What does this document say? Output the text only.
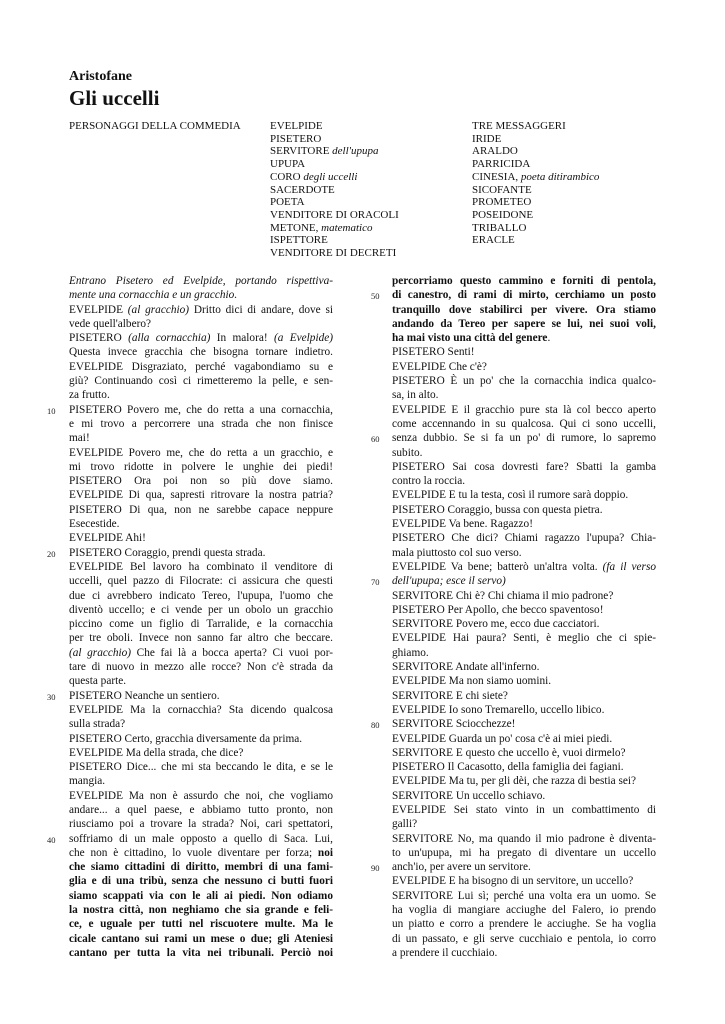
Aristofane
Gli uccelli
PERSONAGGI DELLA COMMEDIA	EVELPIDE
PISETERO
SERVITORE dell'upupa
UPUPA
CORO degli uccelli
SACERDOTE
POETA
VENDITORE DI ORACOLI
METONE, matematico
ISPETTORE
VENDITORE DI DECRETI
TRE MESSAGGERI
IRIDE
ARALDO
PARRICIDA
CINESIA, poeta ditirambico
SICOFANTE
PROMETEO
POSEIDONE
TRIBALLO
ERACLE
Entrano Pisetero ed Evelpide, portando rispettiva-
mente una cornacchia e un gracchio.
EVELPIDE (al gracchio) Dritto dici di andare, dove si
vede quell'albero?
PISETERO (alla cornacchia) In malora! (a Evelpide)
Questa invece gracchia che bisogna tornare indietro.
EVELPIDE Disgraziato, perché vagabondiamo su e
giù? Continuando così ci rimetteremo la pelle, e sen-
za frutto.
PISETERO Povero me, che do retta a una cornacchia,
e mi trovo a percorrere una strada che non finisce
mai!
EVELPIDE Povero me, che do retta a un gracchio, e
mi trovo ridotte in polvere le unghie dei piedi!
PISETERO Ora poi non so più dove siamo.
EVELPIDE Di qua, sapresti ritrovare la nostra patria?
PISETERO Di qua, non ne sarebbe capace neppure
Esecestide.
EVELPIDE Ahi!
PISETERO Coraggio, prendi questa strada.
EVELPIDE Bel lavoro ha combinato il venditore di
uccelli, quel pazzo di Filocrate: ci assicura che questi
due ci avrebbero indicato Tereo, l'upupa, l'uomo che
diventò uccello; e ci vende per un obolo un gracchio
piccino come un figlio di Tarralide, e la cornacchia
per tre oboli. Invece non sanno far altro che beccare.
(al gracchio) Che fai là a bocca aperta? Ci vuoi por-
tare di nuovo in mezzo alle rocce? Non c'è strada da
questa parte.
PISETERO Neanche un sentiero.
EVELPIDE Ma la cornacchia? Sta dicendo qualcosa
sulla strada?
PISETERO Certo, gracchia diversamente da prima.
EVELPIDE Ma della strada, che dice?
PISETERO Dice... che mi sta beccando le dita, e se le
mangia.
EVELPIDE Ma non è assurdo che noi, che vogliamo
andare... a quel paese, e abbiamo tutto pronto, non
riusciamo poi a trovare la strada? Noi, cari spettatori,
soffriamo di un male opposto a quello di Saca. Lui,
che non è cittadino, lo vuole diventare per forza; noi
che siamo cittadini di diritto, membri di una fami-
glia e di una tribù, senza che nessuno ci butti fuori
siamo scappati via con le ali ai piedi. Non odiamo
la nostra città, non neghiamo che sia grande e feli-
ce, e uguale per tutti nel riscuotere multe. Ma le
cicale cantano sui rami un mese o due; gli Ateniesi
cantano per tutta la vita nei tribunali. Perciò noi
percorriamo questo cammino e forniti di pentola,
di canestro, di rami di mirto, cerchiamo un posto
tranquillo dove stabilirci per vivere. Ora stiamo
andando da Tereo per sapere se lui, nei suoi voli,
ha mai visto una città del genere.
PISETERO Senti!
EVELPIDE Che c'è?
PISETERO È un po' che la cornacchia indica qualco-
sa, in alto.
EVELPIDE E il gracchio pure sta là col becco aperto
come accennando in su qualcosa. Qui ci sono uccelli,
senza dubbio. Se si fa un po' di rumore, lo sapremo
subito.
PISETERO Sai cosa dovresti fare? Sbatti la gamba
contro la roccia.
EVELPIDE E tu la testa, così il rumore sarà doppio.
PISETERO Coraggio, bussa con questa pietra.
EVELPIDE Va bene. Ragazzo!
PISETERO Che dici? Chiami ragazzo l'upupa? Chia-
mala piuttosto col suo verso.
EVELPIDE Va bene; batterò un'altra volta. (fa il verso
dell'upupa; esce il servo)
SERVITORE Chi è? Chi chiama il mio padrone?
PISETERO Per Apollo, che becco spaventoso!
SERVITORE Povero me, ecco due cacciatori.
EVELPIDE Hai paura? Senti, è meglio che ci spie-
ghiamo.
SERVITORE Andate all'inferno.
EVELPIDE Ma non siamo uomini.
SERVITORE E chi siete?
EVELPIDE Io sono Tremarello, uccello libico.
SERVITORE Sciocchezze!
EVELPIDE Guarda un po' cosa c'è ai miei piedi.
SERVITORE E questo che uccello è, vuoi dirmelo?
PISETERO Il Cacasotto, della famiglia dei fagiani.
EVELPIDE Ma tu, per gli dèi, che razza di bestia sei?
SERVITORE Un uccello schiavo.
EVELPIDE Sei stato vinto in un combattimento di
galli?
SERVITORE No, ma quando il mio padrone è diventa-
to un'upupa, mi ha pregato di diventare un uccello
anch'io, per avere un servitore.
EVELPIDE E ha bisogno di un servitore, un uccello?
SERVITORE Lui sì; perché una volta era un uomo. Se
ha voglia di mangiare acciughe del Falero, io prendo
un piatto e corro a prendere le acciughe. Se ha voglia
di un passato, e gli serve cucchiaio e pentola, io corro
a prendere il cucchiaio.
10
20
30
40
50
60
70
80
90
